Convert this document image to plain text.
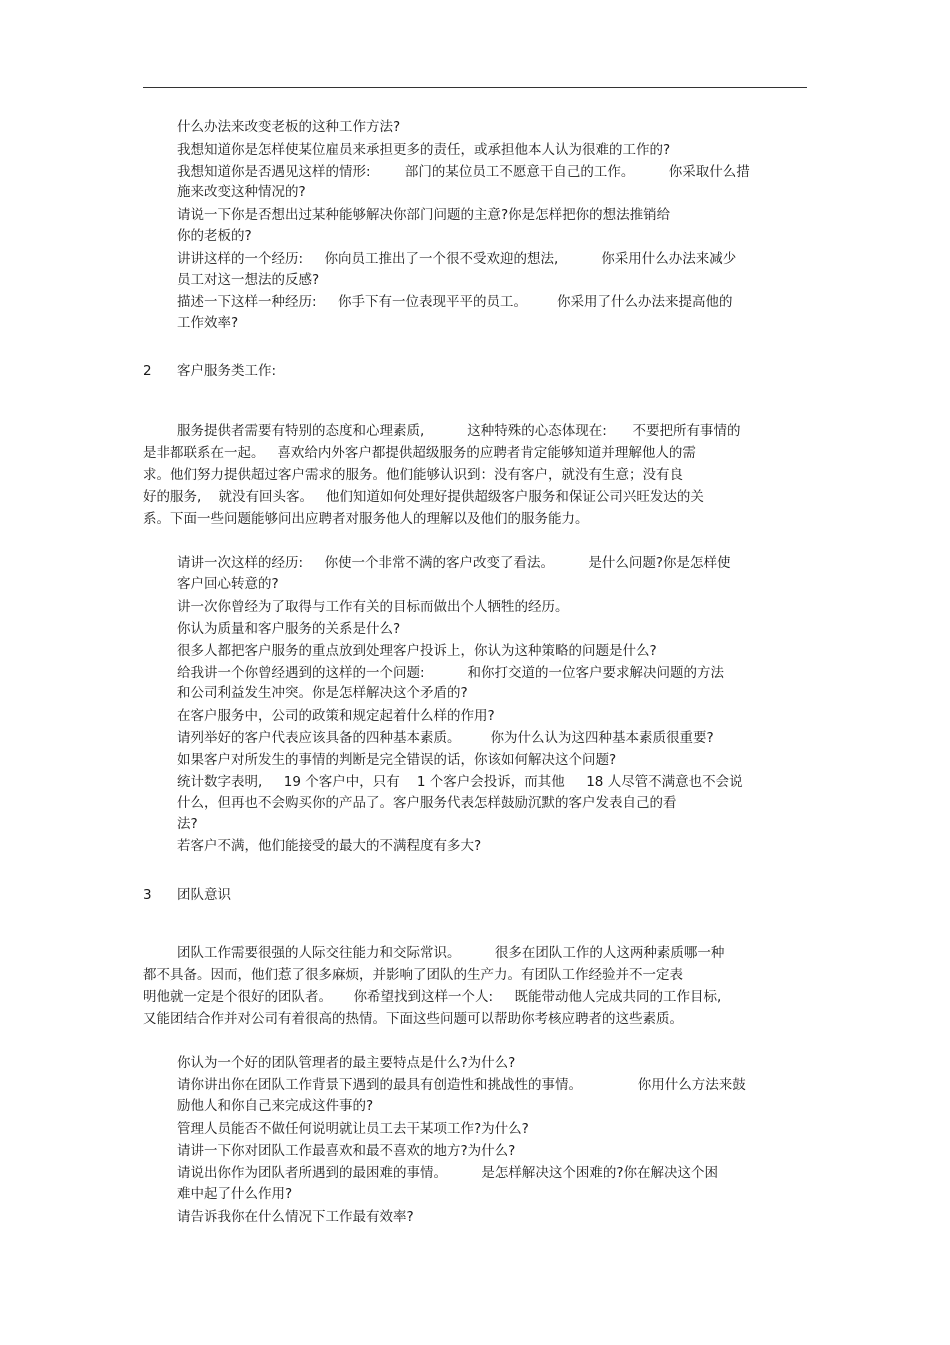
什么办法来改变老板的这种工作方法?
我想知道你是怎样使某位雇员来承担更多的责任，或承担他本人认为很难的工作的?
我想知道你是否遇见这样的情形:        部门的某位员工不愿意干自己的工作。        你采取什么措
施来改变这种情况的?
请说一下你是否想出过某种能够解决你部门问题的主意?你是怎样把你的想法推销给
你的老板的?
讲讲这样的一个经历:     你向员工推出了一个很不受欢迎的想法,          你采用什么办法来减少
员工对这一想法的反感?
描述一下这样一种经历:     你手下有一位表现平平的员工。       你采用了什么办法来提高他的
工作效率?
2 客户服务类工作:
服务提供者需要有特别的态度和心理素质,          这种特殊的心态体现在:      不要把所有事情的
是非都联系在一起。   喜欢给内外客户都提供超级服务的应聘者肯定能够知道并理解他人的需
求。他们努力提供超过客户需求的服务。他们能够认识到：没有客户，就没有生意；没有良
好的服务,    就没有回头客。   他们知道如何处理好提供超级客户服务和保证公司兴旺发达的关
系。下面一些问题能够问出应聘者对服务他人的理解以及他们的服务能力。
请讲一次这样的经历:     你使一个非常不满的客户改变了看法。        是什么问题?你是怎样使
客户回心转意的?
讲一次你曾经为了取得与工作有关的目标而做出个人牺牲的经历。
你认为质量和客户服务的关系是什么?
很多人都把客户服务的重点放到处理客户投诉上，你认为这种策略的问题是什么?
给我讲一个你曾经遇到的这样的一个问题:          和你打交道的一位客户要求解决问题的方法
和公司利益发生冲突。你是怎样解决这个矛盾的?
在客户服务中，公司的政策和规定起着什么样的作用?
请列举好的客户代表应该具备的四种基本素质。       你为什么认为这四种基本素质很重要?
如果客户对所发生的事情的判断是完全错误的话，你该如何解决这个问题?
统计数字表明,     19 个客户中，只有    1 个客户会投诉，而其他     18 人尽管不满意也不会说
什么，但再也不会购买你的产品了。客户服务代表怎样鼓励沉默的客户发表自己的看
法?
若客户不满，他们能接受的最大的不满程度有多大?
3 团队意识
团队工作需要很强的人际交往能力和交际常识。        很多在团队工作的人这两种素质哪一种
都不具备。因而，他们惹了很多麻烦，并影响了团队的生产力。有团队工作经验并不一定表
明他就一定是个很好的团队者。     你希望找到这样一个人:     既能带动他人完成共同的工作目标,
又能团结合作并对公司有着很高的热情。下面这些问题可以帮助你考核应聘者的这些素质。
你认为一个好的团队管理者的最主要特点是什么?为什么?
请你讲出你在团队工作背景下遇到的最具有创造性和挑战性的事情。             你用什么方法来鼓
励他人和你自己来完成这件事的?
管理人员能否不做任何说明就让员工去干某项工作?为什么?
请讲一下你对团队工作最喜欢和最不喜欢的地方?为什么?
请说出你作为团队者所遇到的最困难的事情。        是怎样解决这个困难的?你在解决这个困
难中起了什么作用?
请告诉我你在什么情况下工作最有效率?
